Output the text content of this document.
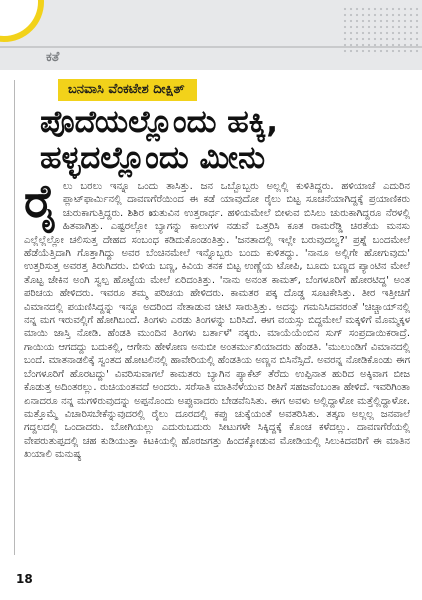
ಕತೆ
ಬನವಾಸಿ ವೆಂಕಟೇಶ ದೀಕ್ಷಿತ್
ಪೊದೆಯಲ್ಲೊಂದು ಹಕ್ಕಿ,
ಹಳ್ಳದಲ್ಲೊಂದು ಮೀನು

ರೈಲು ಬರಲು ಇನ್ನೂ ಒಂದು ತಾಸಿತ್ತು. ಜನ ಒಬ್ಬೊಬ್ಬರು ಅಲ್ಲಲ್ಲಿ ಕುಳಿತಿದ್ದರು. ಹಳಿಯಾಚೆ ಎದುರಿನ ಪ್ಲಾಟ್‌ಫಾರ್ಮಿನಲ್ಲಿ ದಾವಣಗೆರೆಯಿಂದ ಈ ಕಡೆ ಯಾವುದೋ ರೈಲು ಬಿಟ್ಟ ಸೂಚನೆಯಾಗಿದ್ದಕ್ಕೆ ಪ್ರಯಾಣಿಕರು ಚುರುಕಾಗುತ್ತಿದ್ದರು. ಶಿಶಿರ ಋತುವಿನ ಉತ್ತರಾರ್ಧ. ಹಳಿಯಮೇಲೆ ಬೀಳುವ ಬಿಸಿಲು ಚುರುಕಾಗಿದ್ದರೂ ನೆರಳಲ್ಲಿ ಹಿತವಾಗಿತ್ತು. ಎಷ್ಟರಲ್ಲೋ ಬ್ಯಾಗನ್ನು ಕಾಲುಗಳ ನಡುವೆ ಒತ್ತರಿಸಿ ಕೂತ ರಾಮರೆಡ್ಡಿ ಚಿರತೆಯ ಮನಸು ಎಲ್ಲೆಲ್ಲೆಲ್ಲೋ ಚಲಿಸುತ್ತ ದೇಹದ ಸಂಬಂಧ ಕಡಿದುಕೊಂಡಂತಿತ್ತು. 'ಜನತಾದಲ್ಲಿ ಇಲ್ಲೇ ಬರುವುದಲ್ವ?' ಪ್ರಶ್ನೆ ಬಂದಮೇಲೆ ಹೆಡೆಯೆತ್ತಿದಾಗಿ ಗೊತ್ತಾಗಿದ್ದು ಅವರ ಬೆಂಚಿನಮೇಲೆ ಇನ್ನೊಬ್ಬರು ಬಂದು ಕುಳಿತದ್ದು. 'ನಾನೂ ಅಲ್ಲಿಗೇ ಹೋಗುವುದು' ಉತ್ತರಿಸುತ್ತ ಅವರತ್ತ ತಿರುಗಿದರು. ಬಿಳಿಯ ಬಣ್ಣ, ಕಿವಿಯ ತನಕ ಬಿಟ್ಟ ಉಣ್ಣೆಯ ಟೋಪಿ, ಬೂದು ಬಣ್ಣದ ಪ್ಯಾಂಟಿನ ಮೇಲೆ ತೊಟ್ಟ ಜೇಕಿನ ಅಂಗಿ ಸ್ವಲ್ಪ ಹೊಟ್ಟೆಯ ಮೇಲೆ ಏರಿದಂತಿತ್ತು. 'ನಾನು ಅನಂತ ಕಾಮತ್, ಬೆಂಗಳೂರಿಗೆ ಹೋರಟಿದ್ದ' ಅಂತ ಪರಿಚಯ ಹೇಳಿದರು. ಇವರೂ ತಮ್ಮ ಪರಿಚಯ ಹೇಳಿದರು. ಕಾಮತರ ಪಕ್ಕ ದೊಡ್ಡ ಸೂಟಕೇಸಿತ್ತು. ತೀರ ಇತ್ತೀಚಿಗೆ ವಿಮಾನದಲ್ಲಿ ಪಯಣಿಸಿದ್ದನ್ನು ಇನ್ನೂ ಅದರಿಂದ ನೇತಾಡುವ ಚೀಟಿ ಸಾರುತ್ತಿತ್ತು. ಅದನ್ನು ಗಮನಿಸಿದವರಂತೆ 'ಚಿಚ್ಚಾಯ್‌ನಲ್ಲಿ ನನ್ನ ಮಗ ಇರುವಲ್ಲಿಗೆ ಹೋಗಿಬಂದೆ. ತಿಂಗಳು ಎರಡು ತಿಂಗಳನ್ನು ಬರಿಸಿದೆ. ಈಗ ವಯಸ್ಸು ಬಿದ್ದಮೇಲೆ ಮಕ್ಕಳಿಗೆ ಮೊಮ್ಮಕ್ಕಳ ಮಾಯಿ ಜಾಸ್ತಿ ನೋಡಿ. ಹೆಂಡತಿ ಮುಂದಿನ ತಿಂಗಳು ಬರ್ತಾಳೆ' ನಕ್ಕರು. ಮಾಯೆಯೆಂಬಿನ ಸುಗ್ ಸಂಪ್ರದಾಯಿಕರಾದ್ರೆ. ಗಾಯಿಯ ಆಗದದ್ದು ಬದುಕಲ್ಲಿ, ಆಗೇನು ಹೇಳೋಣ ಅನುಬೀ ಅಂತರ್ಮುಖಿಯಾದರು ಹೆಂಡತಿ. 'ಮುಲುಂಡಿಗೆ ವಿಮಾನದಲ್ಲಿ ಬಂದೆ. ಮಾತನಾಡಲಿಕ್ಕೆ ಸ್ವಂತದ ಹೋಟಲಿನಲ್ಲಿ ಹಾವೇರಿಯಲ್ಲಿ ಹೆಂಡತಿಯ ಅಣ್ಣನ ಬಿಸಿನೆಸ್ಸಿದೆ. ಅವರನ್ನ ನೋಡಿಕೊಂಡು ಈಗ ಬೆಂಗಳೂರಿಗೆ ಹೊರಟದ್ದು' ವಿವರಿಸುವಾಗಲೆ ಕಾಮತರು ಬ್ಯಾಗಿನ ಪ್ಯಾಕೆಟ್ ತೆರೆದು ಉಪ್ಪಿನಾತ ಹುರಿದ ಅಕ್ಕಿವಾಗ ಬೀಜ ಕೊಡುತ್ತ ಅದಿಂತರಲ್ಲು. ರುಚಿಯಂತವದೆ ಅಂದರು. ಸರೆಸಾತಿ ಮಾತಿನೆಳೆಯುವ ರೀತಿಗೆ ಸಹಜವೆಂಬಂತಾ ಹೇಳಿದೆ. ಇವರಿಗಿಂತಾ ಏನಾದರೂ ನನ್ನ ಮಗಳಿರುವುದನ್ನು ಅಪ್ಪನೊಂದು ಅಪ್ಪುವಾದರು ಬೇಡವೆನಿಸಿತು. ಈಗ ಅವಳು ಅಲ್ಲಿದ್ದಾಳೋ ಮತ್ತೆಲ್ಲಿದ್ದಾಳೋ. ಮತ್ತೊಮ್ಮೆ ವಿಚಾರಿಸಬೇಕೆನ್ನುವುದರಲ್ಲಿ ರೈಲು ದೂರದಲ್ಲಿ ಕಪ್ಪು ಚುಕ್ಕೆಯಂತೆ ಅವತರಿಸಿತು. ತತ್ಕಣ ಅಲ್ಲಲ್ಲ ಜನವಾಲೆ ಗದ್ದಲದಲ್ಲಿ ಒಂದಾದರು. ಬೋಗಿಯಲ್ಲು ಎದುರುಬದುರು ಸೀಟುಗಳೇ ಸಿಕ್ಕಿದ್ದಕ್ಕೆ ಕೊಂಚ ಕಳೆದಲ್ಲು. ದಾವಣಗೆರೆಯಲ್ಲಿ ವೇಪರುತುಪ್ಪದಲ್ಲಿ ಚಹ ಕುಡಿಯುತ್ತಾ ಕಿಟಕಿಯಲ್ಲಿ ಹೊರಜಗತ್ತು ಹಿಂದಕ್ಕೋಡುವ ಮೋಡಿಯಲ್ಲಿ ಸಿಲುಕಿದವರಿಗೆ ಈ ಮಾತಿನ ಖಯಾಲಿ ಮನುಷ್ಯ

18
